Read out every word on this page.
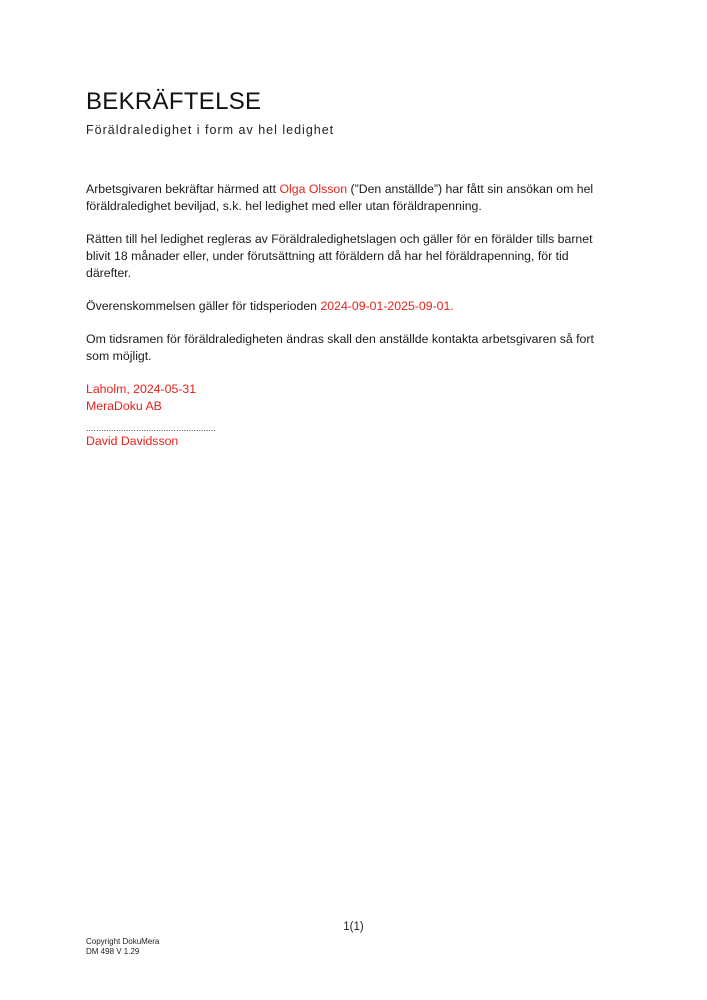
BEKRÄFTELSE
Föräldraledighet i form av hel ledighet

Arbetsgivaren bekräftar härmed att Olga Olsson (”Den anställde”) har fått sin ansökan om hel föräldraledighet beviljad, s.k. hel ledighet med eller utan föräldrapenning.

Rätten till hel ledighet regleras av Föräldraledighetslagen och gäller för en förälder tills barnet blivit 18 månader eller, under förutsättning att föräldern då har hel föräldrapenning, för tid därefter.

Överenskommelsen gäller för tidsperioden 2024-09-01-2025-09-01.

Om tidsramen för föräldraledigheten ändras skall den anställde kontakta arbetsgivaren så fort som möjligt.

Laholm, 2024-05-31
MeraDoku AB
....................................................
David Davidsson
1(1)
Copyright DokuMera
DM 498 V 1.29
